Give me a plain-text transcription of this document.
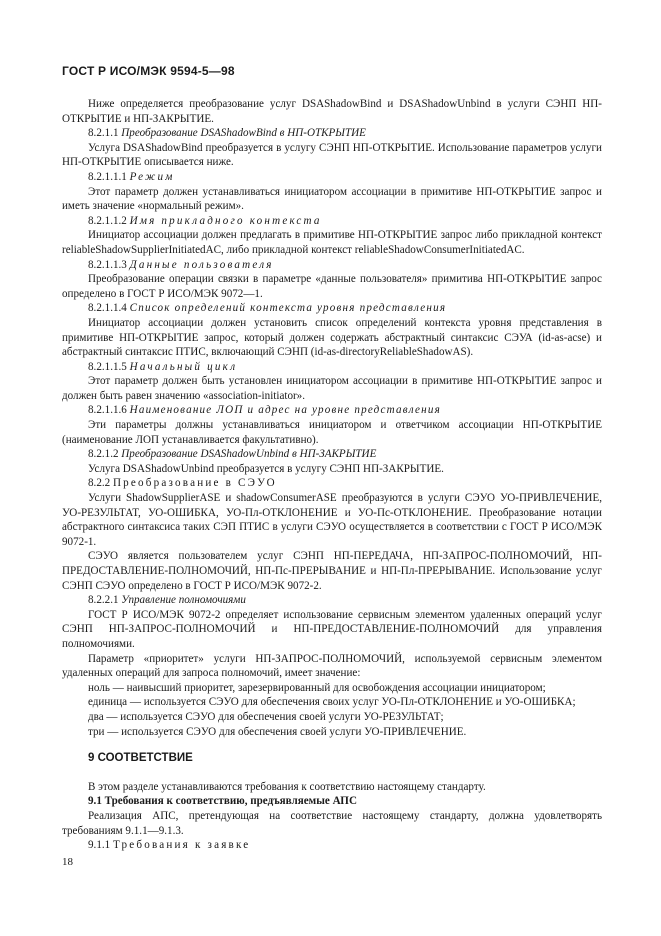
ГОСТ Р ИСО/МЭК 9594-5—98

Ниже определяется преобразование услуг DSAShadowBind и DSAShadowUnbind в услуги СЭНП НП-ОТКРЫТИЕ и НП-ЗАКРЫТИЕ.

8.2.1.1 Преобразование DSAShadowBind в НП-ОТКРЫТИЕ

Услуга DSAShadowBind преобразуется в услугу СЭНП НП-ОТКРЫТИЕ. Использование параметров услуги НП-ОТКРЫТИЕ описывается ниже.

8.2.1.1.1 Режим

Этот параметр должен устанавливаться инициатором ассоциации в примитиве НП-ОТКРЫТИЕ запрос и иметь значение «нормальный режим».

8.2.1.1.2 Имя прикладного контекста

Инициатор ассоциации должен предлагать в примитиве НП-ОТКРЫТИЕ запрос либо прикладной контекст reliableShadowSupplierInitiatedAC, либо прикладной контекст reliableShadowConsumerInitiatedAC.

8.2.1.1.3 Данные пользователя

Преобразование операции связки в параметре «данные пользователя» примитива НП-ОТКРЫТИЕ запрос определено в ГОСТ Р ИСО/МЭК 9072—1.

8.2.1.1.4 Список определений контекста уровня представления

Инициатор ассоциации должен установить список определений контекста уровня представления в примитиве НП-ОТКРЫТИЕ запрос, который должен содержать абстрактный синтаксис СЭУА (id-as-acse) и абстрактный синтаксис ПТИС, включающий СЭНП (id-as-directoryReliableShadowAS).

8.2.1.1.5 Начальный цикл

Этот параметр должен быть установлен инициатором ассоциации в примитиве НП-ОТКРЫТИЕ запрос и должен быть равен значению «association-initiator».

8.2.1.1.6 Наименование ЛОП и адрес на уровне представления

Эти параметры должны устанавливаться инициатором и ответчиком ассоциации НП-ОТКРЫТИЕ (наименование ЛОП устанавливается факультативно).

8.2.1.2 Преобразование DSAShadowUnbind в НП-ЗАКРЫТИЕ

Услуга DSAShadowUnbind преобразуется в услугу СЭНП НП-ЗАКРЫТИЕ.

8.2.2 Преобразование в СЭУО

Услуги ShadowSupplierASE и shadowConsumerASE преобразуются в услуги СЭУО УО-ПРИВЛЕЧЕНИЕ, УО-РЕЗУЛЬТАТ, УО-ОШИБКА, УО-Пл-ОТКЛОНЕНИЕ и УО-Пс-ОТКЛОНЕНИЕ. Преобразование нотации абстрактного синтаксиса таких СЭП ПТИС в услуги СЭУО осуществляется в соответствии с ГОСТ Р ИСО/МЭК 9072-1.

СЭУО является пользователем услуг СЭНП НП-ПЕРЕДАЧА, НП-ЗАПРОС-ПОЛНОМОЧИЙ, НП-ПРЕДОСТАВЛЕНИЕ-ПОЛНОМОЧИЙ, НП-Пс-ПРЕРЫВАНИЕ и НП-Пл-ПРЕРЫВАНИЕ. Использование услуг СЭНП СЭУО определено в ГОСТ Р ИСО/МЭК 9072-2.

8.2.2.1 Управление полномочиями

ГОСТ Р ИСО/МЭК 9072-2 определяет использование сервисным элементом удаленных операций услуг СЭНП НП-ЗАПРОС-ПОЛНОМОЧИЙ и НП-ПРЕДОСТАВЛЕНИЕ-ПОЛНОМОЧИЙ для управления полномочиями.

Параметр «приоритет» услуги НП-ЗАПРОС-ПОЛНОМОЧИЙ, используемой сервисным элементом удаленных операций для запроса полномочий, имеет значение:

ноль — наивысший приоритет, зарезервированный для освобождения ассоциации инициатором;

единица — используется СЭУО для обеспечения своих услуг УО-Пл-ОТКЛОНЕНИЕ и УО-ОШИБКА;

два — используется СЭУО для обеспечения своей услуги УО-РЕЗУЛЬТАТ;

три — используется СЭУО для обеспечения своей услуги УО-ПРИВЛЕЧЕНИЕ.

9 СООТВЕТСТВИЕ

В этом разделе устанавливаются требования к соответствию настоящему стандарту.

9.1 Требования к соответствию, предъявляемые АПС

Реализация АПС, претендующая на соответствие настоящему стандарту, должна удовлетворять требованиям 9.1.1—9.1.3.

9.1.1 Требования к заявке

18
